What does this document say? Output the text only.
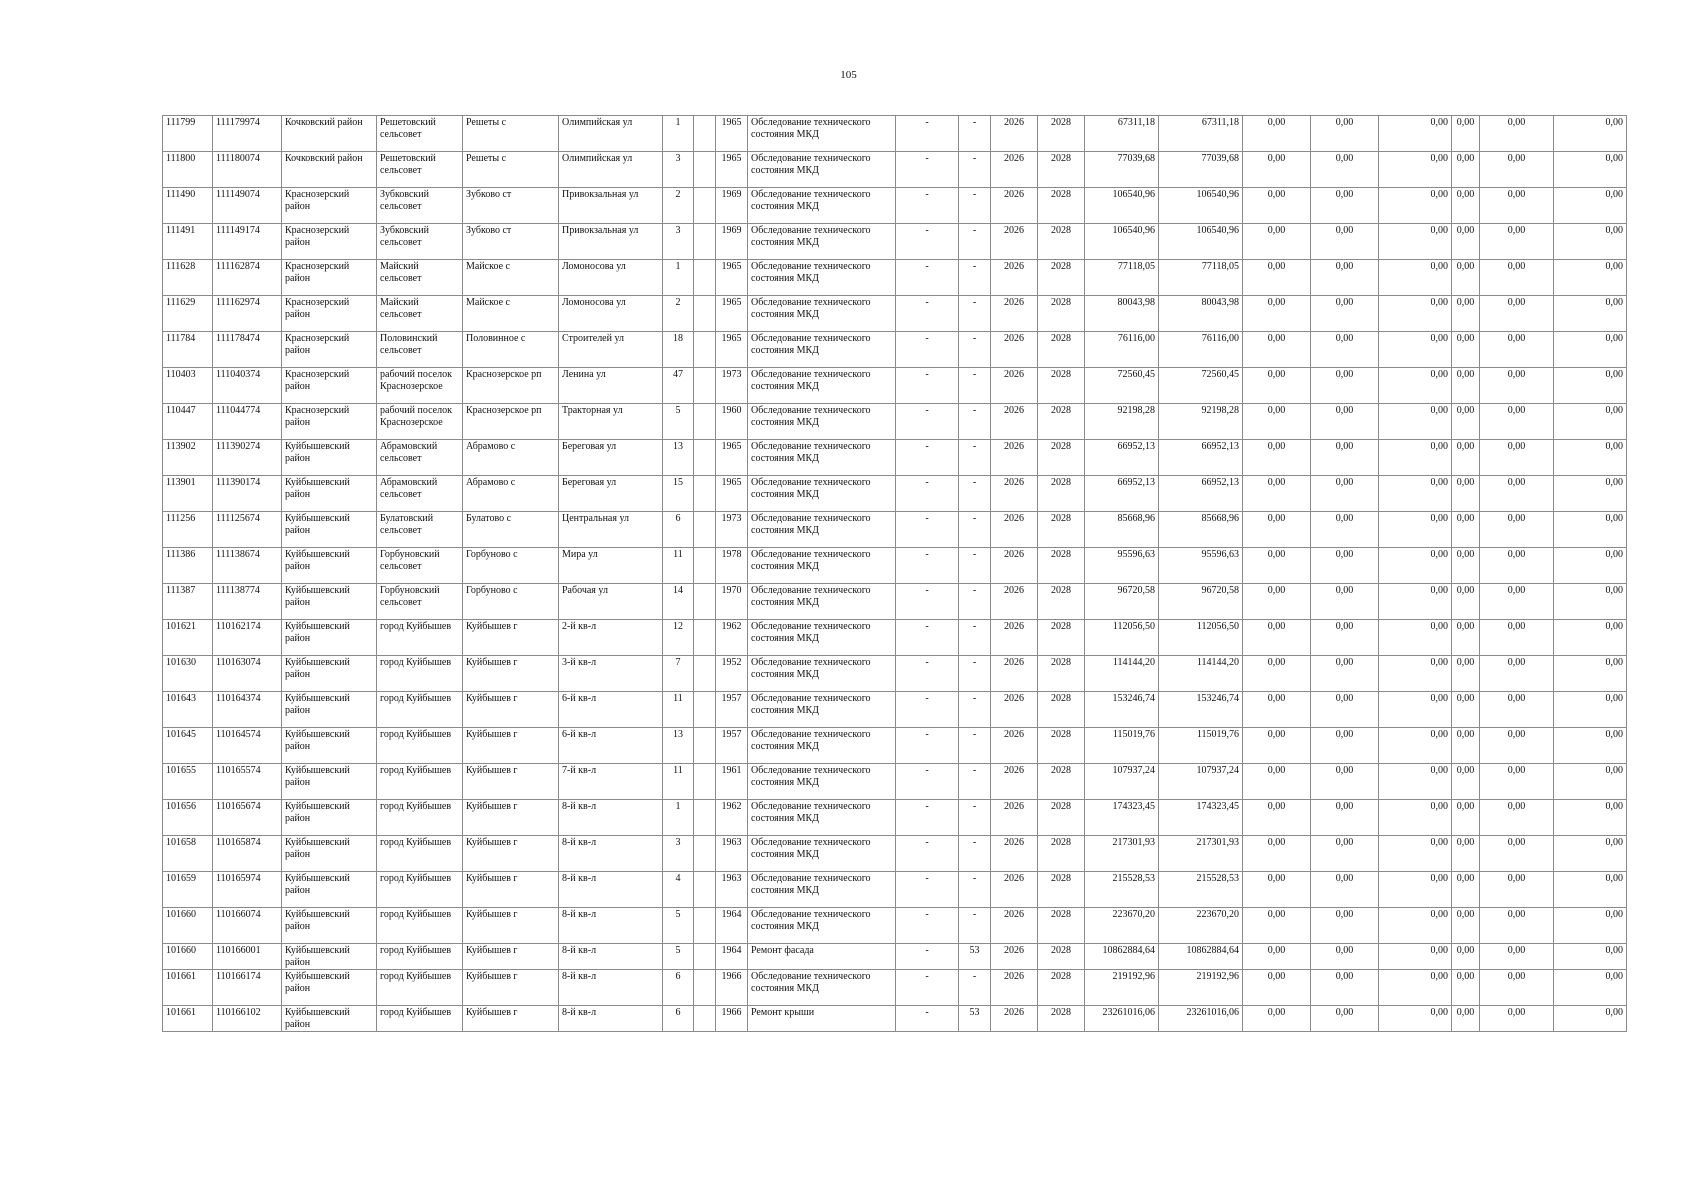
105
111799	111179974	Кочковский район	Решетовский сельсовет	Решеты с	Олимпийская ул	1		1965	Обследование технического состояния МКД	-	-	2026	2028	67311,18	67311,18	0,00	0,00	0,00	0,00	0,00	0,00
111800	111180074	Кочковский район	Решетовский сельсовет	Решеты с	Олимпийская ул	3		1965	Обследование технического состояния МКД	-	-	2026	2028	77039,68	77039,68	0,00	0,00	0,00	0,00	0,00	0,00
111490	111149074	Краснозерский район	Зубковский сельсовет	Зубково ст	Привокзальная ул	2		1969	Обследование технического состояния МКД	-	-	2026	2028	106540,96	106540,96	0,00	0,00	0,00	0,00	0,00	0,00
111491	111149174	Краснозерский район	Зубковский сельсовет	Зубково ст	Привокзальная ул	3		1969	Обследование технического состояния МКД	-	-	2026	2028	106540,96	106540,96	0,00	0,00	0,00	0,00	0,00	0,00
111628	111162874	Краснозерский район	Майский сельсовет	Майское с	Ломоносова ул	1		1965	Обследование технического состояния МКД	-	-	2026	2028	77118,05	77118,05	0,00	0,00	0,00	0,00	0,00	0,00
111629	111162974	Краснозерский район	Майский сельсовет	Майское с	Ломоносова ул	2		1965	Обследование технического состояния МКД	-	-	2026	2028	80043,98	80043,98	0,00	0,00	0,00	0,00	0,00	0,00
111784	111178474	Краснозерский район	Половинский сельсовет	Половинное с	Строителей ул	18		1965	Обследование технического состояния МКД	-	-	2026	2028	76116,00	76116,00	0,00	0,00	0,00	0,00	0,00	0,00
110403	111040374	Краснозерский район	рабочий поселок Краснозерское	Краснозерское рп	Ленина ул	47		1973	Обследование технического состояния МКД	-	-	2026	2028	72560,45	72560,45	0,00	0,00	0,00	0,00	0,00	0,00
110447	111044774	Краснозерский район	рабочий поселок Краснозерское	Краснозерское рп	Тракторная ул	5		1960	Обследование технического состояния МКД	-	-	2026	2028	92198,28	92198,28	0,00	0,00	0,00	0,00	0,00	0,00
113902	111390274	Куйбышевский район	Абрамовский сельсовет	Абрамово с	Береговая ул	13		1965	Обследование технического состояния МКД	-	-	2026	2028	66952,13	66952,13	0,00	0,00	0,00	0,00	0,00	0,00
113901	111390174	Куйбышевский район	Абрамовский сельсовет	Абрамово с	Береговая ул	15		1965	Обследование технического состояния МКД	-	-	2026	2028	66952,13	66952,13	0,00	0,00	0,00	0,00	0,00	0,00
111256	111125674	Куйбышевский район	Булатовский сельсовет	Булатово с	Центральная ул	6		1973	Обследование технического состояния МКД	-	-	2026	2028	85668,96	85668,96	0,00	0,00	0,00	0,00	0,00	0,00
111386	111138674	Куйбышевский район	Горбуновский сельсовет	Горбуново с	Мира ул	11		1978	Обследование технического состояния МКД	-	-	2026	2028	95596,63	95596,63	0,00	0,00	0,00	0,00	0,00	0,00
111387	111138774	Куйбышевский район	Горбуновский сельсовет	Горбуново с	Рабочая ул	14		1970	Обследование технического состояния МКД	-	-	2026	2028	96720,58	96720,58	0,00	0,00	0,00	0,00	0,00	0,00
101621	110162174	Куйбышевский район	город Куйбышев	Куйбышев г	2-й кв-л	12		1962	Обследование технического состояния МКД	-	-	2026	2028	112056,50	112056,50	0,00	0,00	0,00	0,00	0,00	0,00
101630	110163074	Куйбышевский район	город Куйбышев	Куйбышев г	3-й кв-л	7		1952	Обследование технического состояния МКД	-	-	2026	2028	114144,20	114144,20	0,00	0,00	0,00	0,00	0,00	0,00
101643	110164374	Куйбышевский район	город Куйбышев	Куйбышев г	6-й кв-л	11		1957	Обследование технического состояния МКД	-	-	2026	2028	153246,74	153246,74	0,00	0,00	0,00	0,00	0,00	0,00
101645	110164574	Куйбышевский район	город Куйбышев	Куйбышев г	6-й кв-л	13		1957	Обследование технического состояния МКД	-	-	2026	2028	115019,76	115019,76	0,00	0,00	0,00	0,00	0,00	0,00
101655	110165574	Куйбышевский район	город Куйбышев	Куйбышев г	7-й кв-л	11		1961	Обследование технического состояния МКД	-	-	2026	2028	107937,24	107937,24	0,00	0,00	0,00	0,00	0,00	0,00
101656	110165674	Куйбышевский район	город Куйбышев	Куйбышев г	8-й кв-л	1		1962	Обследование технического состояния МКД	-	-	2026	2028	174323,45	174323,45	0,00	0,00	0,00	0,00	0,00	0,00
101658	110165874	Куйбышевский район	город Куйбышев	Куйбышев г	8-й кв-л	3		1963	Обследование технического состояния МКД	-	-	2026	2028	217301,93	217301,93	0,00	0,00	0,00	0,00	0,00	0,00
101659	110165974	Куйбышевский район	город Куйбышев	Куйбышев г	8-й кв-л	4		1963	Обследование технического состояния МКД	-	-	2026	2028	215528,53	215528,53	0,00	0,00	0,00	0,00	0,00	0,00
101660	110166074	Куйбышевский район	город Куйбышев	Куйбышев г	8-й кв-л	5		1964	Обследование технического состояния МКД	-	-	2026	2028	223670,20	223670,20	0,00	0,00	0,00	0,00	0,00	0,00
101660	110166001	Куйбышевский район	город Куйбышев	Куйбышев г	8-й кв-л	5		1964	Ремонт фасада	-	53	2026	2028	10862884,64	10862884,64	0,00	0,00	0,00	0,00	0,00	0,00
101661	110166174	Куйбышевский район	город Куйбышев	Куйбышев г	8-й кв-л	6		1966	Обследование технического состояния МКД	-	-	2026	2028	219192,96	219192,96	0,00	0,00	0,00	0,00	0,00	0,00
101661	110166102	Куйбышевский район	город Куйбышев	Куйбышев г	8-й кв-л	6		1966	Ремонт крыши	-	53	2026	2028	23261016,06	23261016,06	0,00	0,00	0,00	0,00	0,00	0,00
